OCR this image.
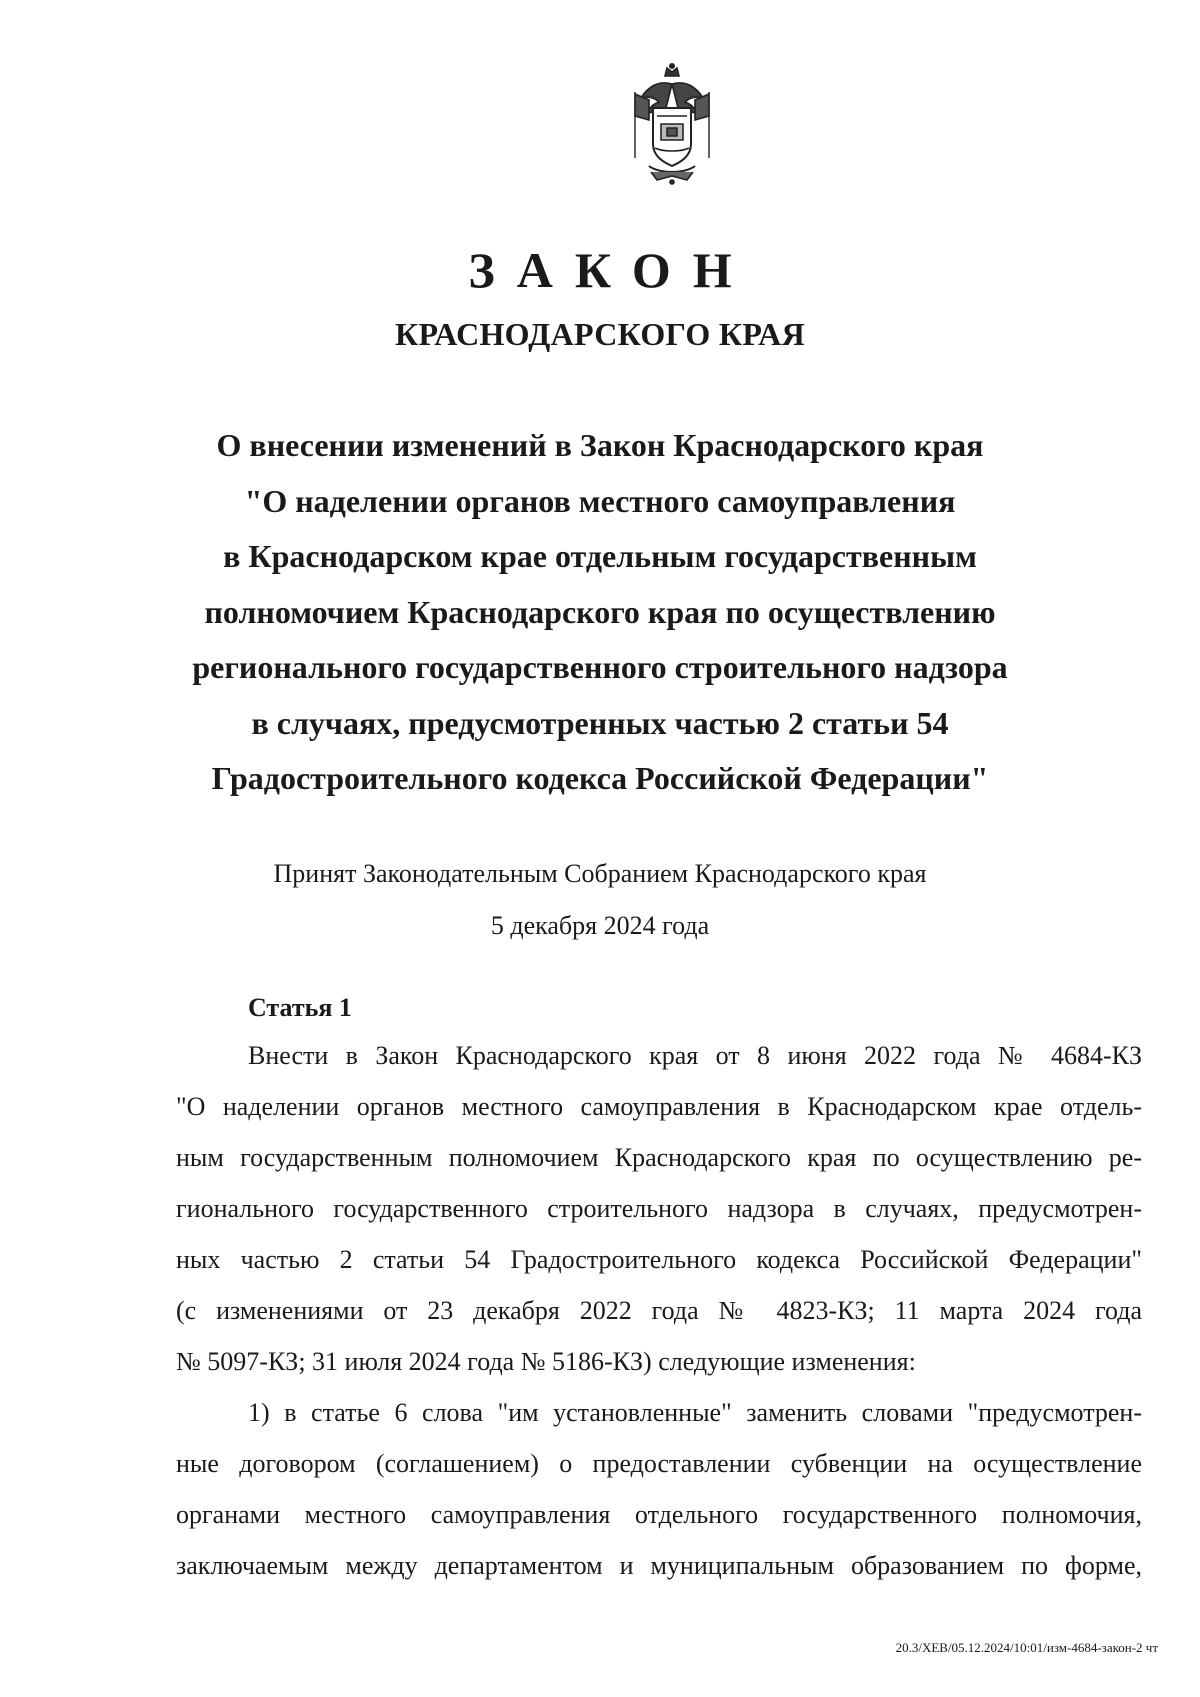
ЗАКОН
КРАСНОДАРСКОГО КРАЯ
О внесении изменений в Закон Краснодарского края
"О наделении органов местного самоуправления
в Краснодарском крае отдельным государственным
полномочием Краснодарского края по осуществлению
регионального государственного строительного надзора
в случаях, предусмотренных частью 2 статьи 54
Градостроительного кодекса Российской Федерации"
Принят Законодательным Собранием Краснодарского края
5 декабря 2024 года
Статья 1
Внести в Закон Краснодарского края от 8 июня 2022 года № 4684-КЗ
"О наделении органов местного самоуправления в Краснодарском крае отдель-
ным государственным полномочием Краснодарского края по осуществлению ре-
гионального государственного строительного надзора в случаях, предусмотрен-
ных частью 2 статьи 54 Градостроительного кодекса Российской Федерации"
(с изменениями от 23 декабря 2022 года № 4823-КЗ; 11 марта 2024 года
№ 5097-КЗ; 31 июля 2024 года № 5186-КЗ) следующие изменения:
1) в статье 6 слова "им установленные" заменить словами "предусмотрен-
ные договором (соглашением) о предоставлении субвенции на осуществление
органами местного самоуправления отдельного государственного полномочия,
заключаемым между департаментом и муниципальным образованием по форме,
20.3/ХЕВ/05.12.2024/10:01/изм-4684-закон-2 чт
